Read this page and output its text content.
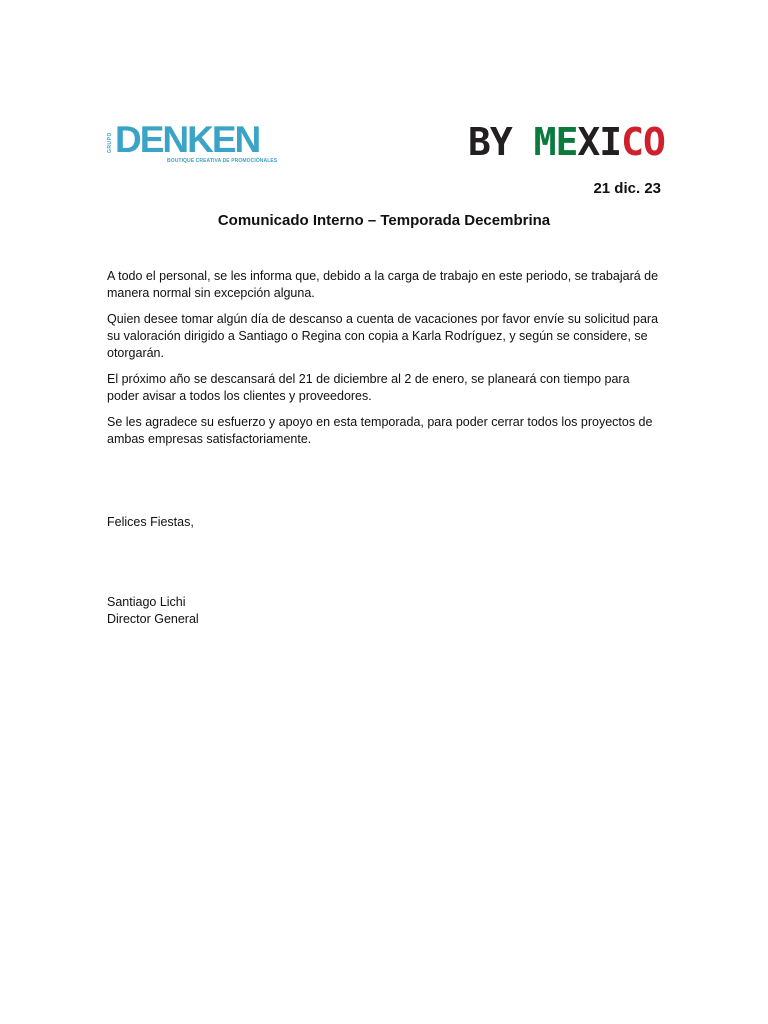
GRUPO DENKEN
BOUTIQUE CREATIVA DE PROMOCIONALES	BY MEXICO
21 dic. 23
Comunicado Interno – Temporada Decembrina

A todo el personal, se les informa que, debido a la carga de trabajo en este periodo, se trabajará de manera normal sin excepción alguna.

Quien desee tomar algún día de descanso a cuenta de vacaciones por favor envíe su solicitud para su valoración dirigido a Santiago o Regina con copia a Karla Rodríguez, y según se considere, se otorgarán.

El próximo año se descansará del 21 de diciembre al 2 de enero, se planeará con tiempo para poder avisar a todos los clientes y proveedores.

Se les agradece su esfuerzo y apoyo en esta temporada, para poder cerrar todos los proyectos de ambas empresas satisfactoriamente.

Felices Fiestas,
Santiago Lichi
Director General
